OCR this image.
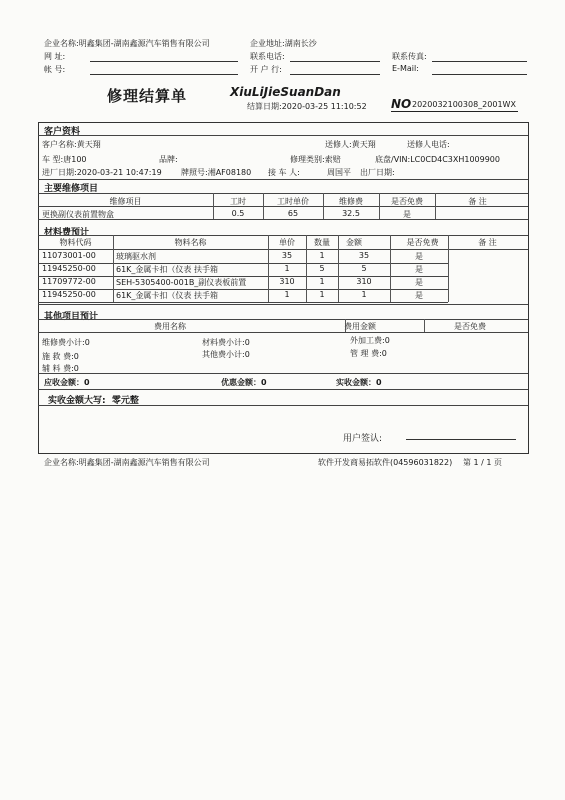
企业名称:明鑫集团-湖南鑫源汽车销售有限公司	企业地址:湖南长沙
网 址:	联系电话:	联系传真:
帐 号:	开 户 行:	E-Mail:
修理结算单	XiuLiJieSuanDan
结算日期:2020-03-25 11:10:52 NO 2020032100308_2001WX
客户资料
客户名称:黄天翔	送修人:黄天翔	送修人电话:
车 型:唐100	品牌:	修理类别:索赔	底盘/VIN:LC0CD4C3XH1009900
进厂日期:2020-03-21 10:47:19 牌照号:湘AF08180 接 车 人:	周国平 出厂日期:
主要维修项目
维修项目	工时	工时单价	维修费	是否免费	备 注
更换副仪表前置物盒	0.5	65	32.5	是
材料费预计
物料代码	物料名称	单价	数量	金额	是否免费	备 注
11073001-00	玻璃驱水剂	35	1	35	是
11945250-00	61K_金属卡扣（仪表 扶手箱	1	5	5	是
11709772-00	SEH-5305400-001B_副仪表板前置	310	1	310	是
11945250-00	61K_金属卡扣（仪表 扶手箱	1	1	1	是
其他项目预计
费用名称	费用金额	是否免费
维修费小计:0	材料费小计:0	外加工费:0
施 救 费:0	其他费小计:0	管 理 费:0
辅 料 费:0
应收金额：0	优惠金额：0	实收金额：0
实收金额大写: 零元整
用户签认:
企业名称:明鑫集团-湖南鑫源汽车销售有限公司	软件开发商易拓软件(04596031822) 第 1 / 1 页
